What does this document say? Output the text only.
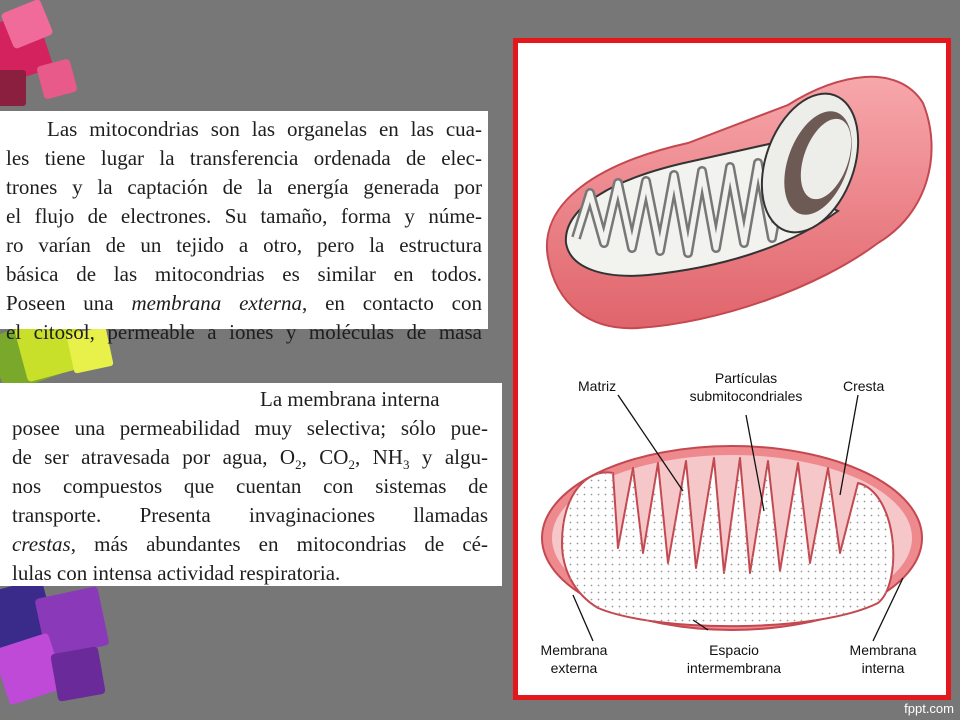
Las mitocondrias son las organelas en las cua-
les tiene lugar la transferencia ordenada de elec-
trones y la captación de la energía generada por
el flujo de electrones. Su tamaño, forma y núme-
ro varían de un tejido a otro, pero la estructura
básica de las mitocondrias es similar en todos.
Poseen una membrana externa, en contacto con
el citosol, permeable a iones y moléculas de masa
La membrana interna
posee una permeabilidad muy selectiva; sólo pue-
de ser atravesada por agua, $O_2$, $CO_2$, $NH_3$ y algu-
nos compuestos que cuentan con sistemas de
transporte. Presenta invaginaciones llamadas
crestas, más abundantes en mitocondrias de cé-
lulas con intensa actividad respiratoria.
Matriz	Partículas
submitocondriales
Cresta
Membrana
externa
Espacio
intermembrana
Membrana
interna
fppt.com
